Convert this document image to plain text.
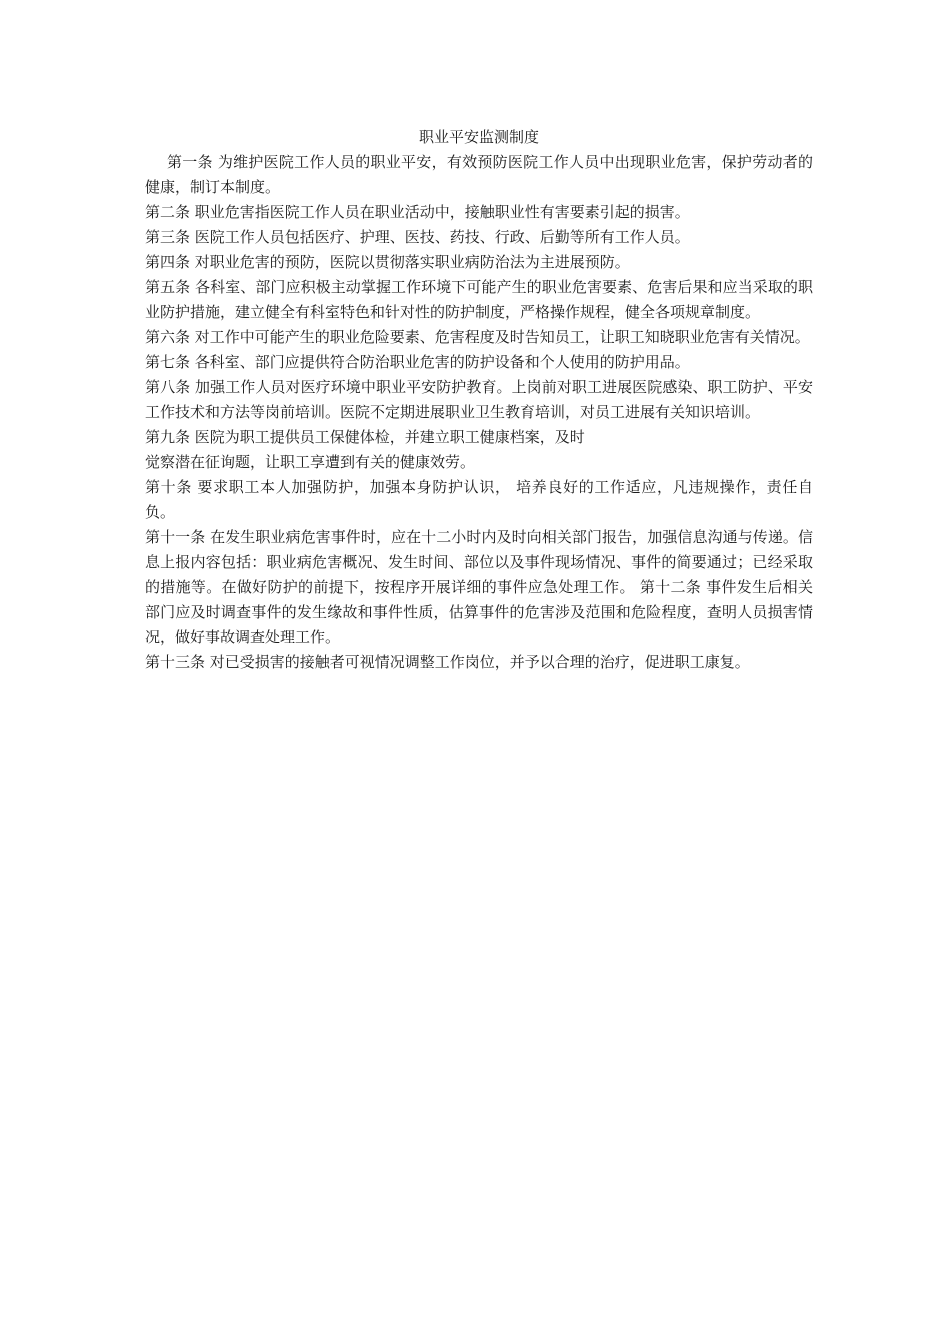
职业平安监测制度

第一条 为维护医院工作人员的职业平安，有效预防医院工作人员中出现职业危害，保护劳动者的健康，制订本制度。

第二条 职业危害指医院工作人员在职业活动中，接触职业性有害要素引起的损害。

第三条 医院工作人员包括医疗、护理、医技、药技、行政、后勤等所有工作人员。

第四条 对职业危害的预防，医院以贯彻落实职业病防治法为主进展预防。

第五条 各科室、部门应积极主动掌握工作环境下可能产生的职业危害要素、危害后果和应当采取的职业防护措施，建立健全有科室特色和针对性的防护制度，严格操作规程，健全各项规章制度。

第六条 对工作中可能产生的职业危险要素、危害程度及时告知员工，让职工知晓职业危害有关情况。

第七条 各科室、部门应提供符合防治职业危害的防护设备和个人使用的防护用品。

第八条 加强工作人员对医疗环境中职业平安防护教育。上岗前对职工进展医院感染、职工防护、平安工作技术和方法等岗前培训。医院不定期进展职业卫生教育培训，对员工进展有关知识培训。

第九条 医院为职工提供员工保健体检，并建立职工健康档案，及时

觉察潜在征询题，让职工享遭到有关的健康效劳。

第十条 要求职工本人加强防护，加强本身防护认识， 培养良好的工作适应，凡违规操作，责任自负。

第十一条 在发生职业病危害事件时，应在十二小时内及时向相关部门报告，加强信息沟通与传递。信息上报内容包括：职业病危害概况、发生时间、部位以及事件现场情况、事件的简要通过；已经采取的措施等。在做好防护的前提下，按程序开展详细的事件应急处理工作。 第十二条 事件发生后相关部门应及时调查事件的发生缘故和事件性质，估算事件的危害涉及范围和危险程度，查明人员损害情况，做好事故调查处理工作。

第十三条 对已受损害的接触者可视情况调整工作岗位，并予以合理的治疗，促进职工康复。
